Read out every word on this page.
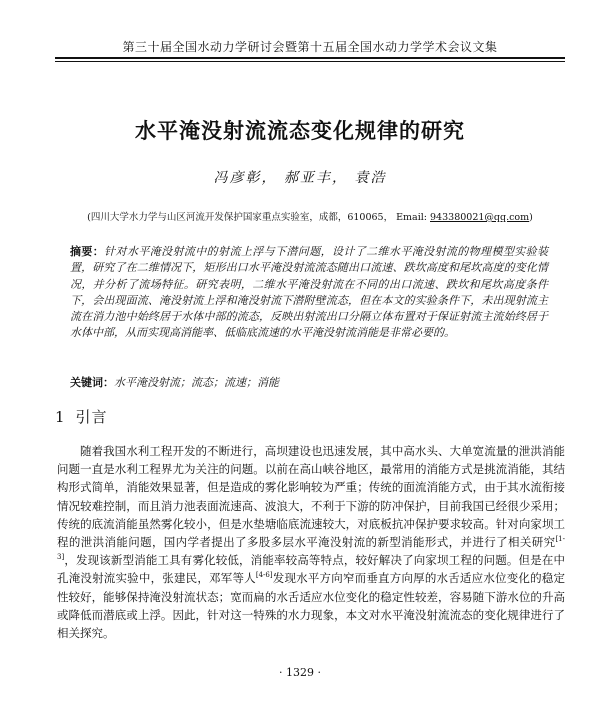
第三十届全国水动力学研讨会暨第十五届全国水动力学学术会议文集
水平淹没射流流态变化规律的研究
冯彦彰， 郝亚丰， 袁浩
(四川大学水力学与山区河流开发保护国家重点实验室，成都，610065， Email: 943380021@qq.com)
摘要：针对水平淹没射流中的射流上浮与下潜问题，设计了二维水平淹没射流的物理模型实验装置，研究了在二维情况下，矩形出口水平淹没射流流态随出口流速、跌坎高度和尾坎高度的变化情况，并分析了流场特征。研究表明，二维水平淹没射流在不同的出口流速、跌坎和尾坎高度条件下，会出现面流、淹没射流上浮和淹没射流下潜附壁流态，但在本文的实验条件下，未出现射流主流在消力池中始终居于水体中部的流态，反映出射流出口分隔立体布置对于保证射流主流始终居于水体中部，从而实现高消能率、低临底流速的水平淹没射流消能是非常必要的。
关键词：水平淹没射流；流态；流速；消能
1 引言
随着我国水利工程开发的不断进行，高坝建设也迅速发展，其中高水头、大单宽流量的泄洪消能问题一直是水利工程界尤为关注的问题。以前在高山峡谷地区，最常用的消能方式是挑流消能，其结构形式简单，消能效果显著，但是造成的雾化影响较为严重；传统的面流消能方式，由于其水流衔接情况较难控制，而且消力池表面流速高、波浪大，不利于下游的防冲保护，目前我国已经很少采用；传统的底流消能虽然雾化较小，但是水垫塘临底流速较大，对底板抗冲保护要求较高。针对向家坝工程的泄洪消能问题，国内学者提出了多股多层水平淹没射流的新型消能形式，并进行了相关研究[1-3]，发现该新型消能工具有雾化较低，消能率较高等特点，较好解决了向家坝工程的问题。但是在中孔淹没射流实验中，张建民，邓军等人[4-6]发现水平方向窄而垂直方向厚的水舌适应水位变化的稳定性较好，能够保持淹没射流状态；宽而扁的水舌适应水位变化的稳定性较差，容易随下游水位的升高或降低而潜底或上浮。因此，针对这一特殊的水力现象，本文对水平淹没射流流态的变化规律进行了相关探究。
· 1329 ·
